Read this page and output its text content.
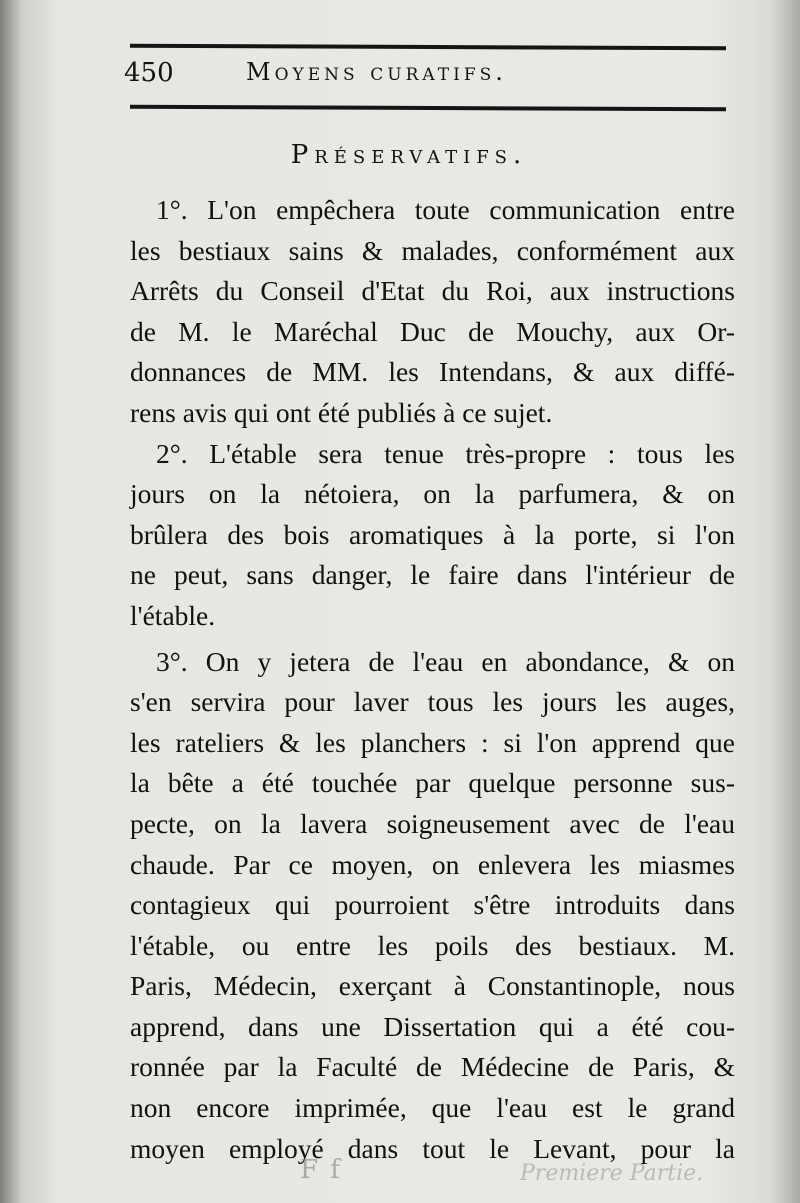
450	Moyens curatifs.
Préservatifs.
1°. L'on empêchera toute communication entre
les bestiaux sains & malades, conformément aux
Arrêts du Conseil d'Etat du Roi, aux instructions
de M. le Maréchal Duc de Mouchy, aux Or-
donnances de MM. les Intendans, & aux diffé-
rens avis qui ont été publiés à ce sujet.
2°. L'étable sera tenue très-propre : tous les
jours on la nétoiera, on la parfumera, & on
brûlera des bois aromatiques à la porte, si l'on
ne peut, sans danger, le faire dans l'intérieur de
l'étable.
3°. On y jetera de l'eau en abondance, & on
s'en servira pour laver tous les jours les auges,
les rateliers & les planchers : si l'on apprend que
la bête a été touchée par quelque personne sus-
pecte, on la lavera soigneusement avec de l'eau
chaude. Par ce moyen, on enlevera les miasmes
contagieux qui pourroient s'être introduits dans
l'étable, ou entre les poils des bestiaux. M.
Paris, Médecin, exerçant à Constantinople, nous
apprend, dans une Dissertation qui a été cou-
ronnée par la Faculté de Médecine de Paris, &
non encore imprimée, que l'eau est le grand
moyen employé dans tout le Levant, pour la
F f	Premiere Partie.
